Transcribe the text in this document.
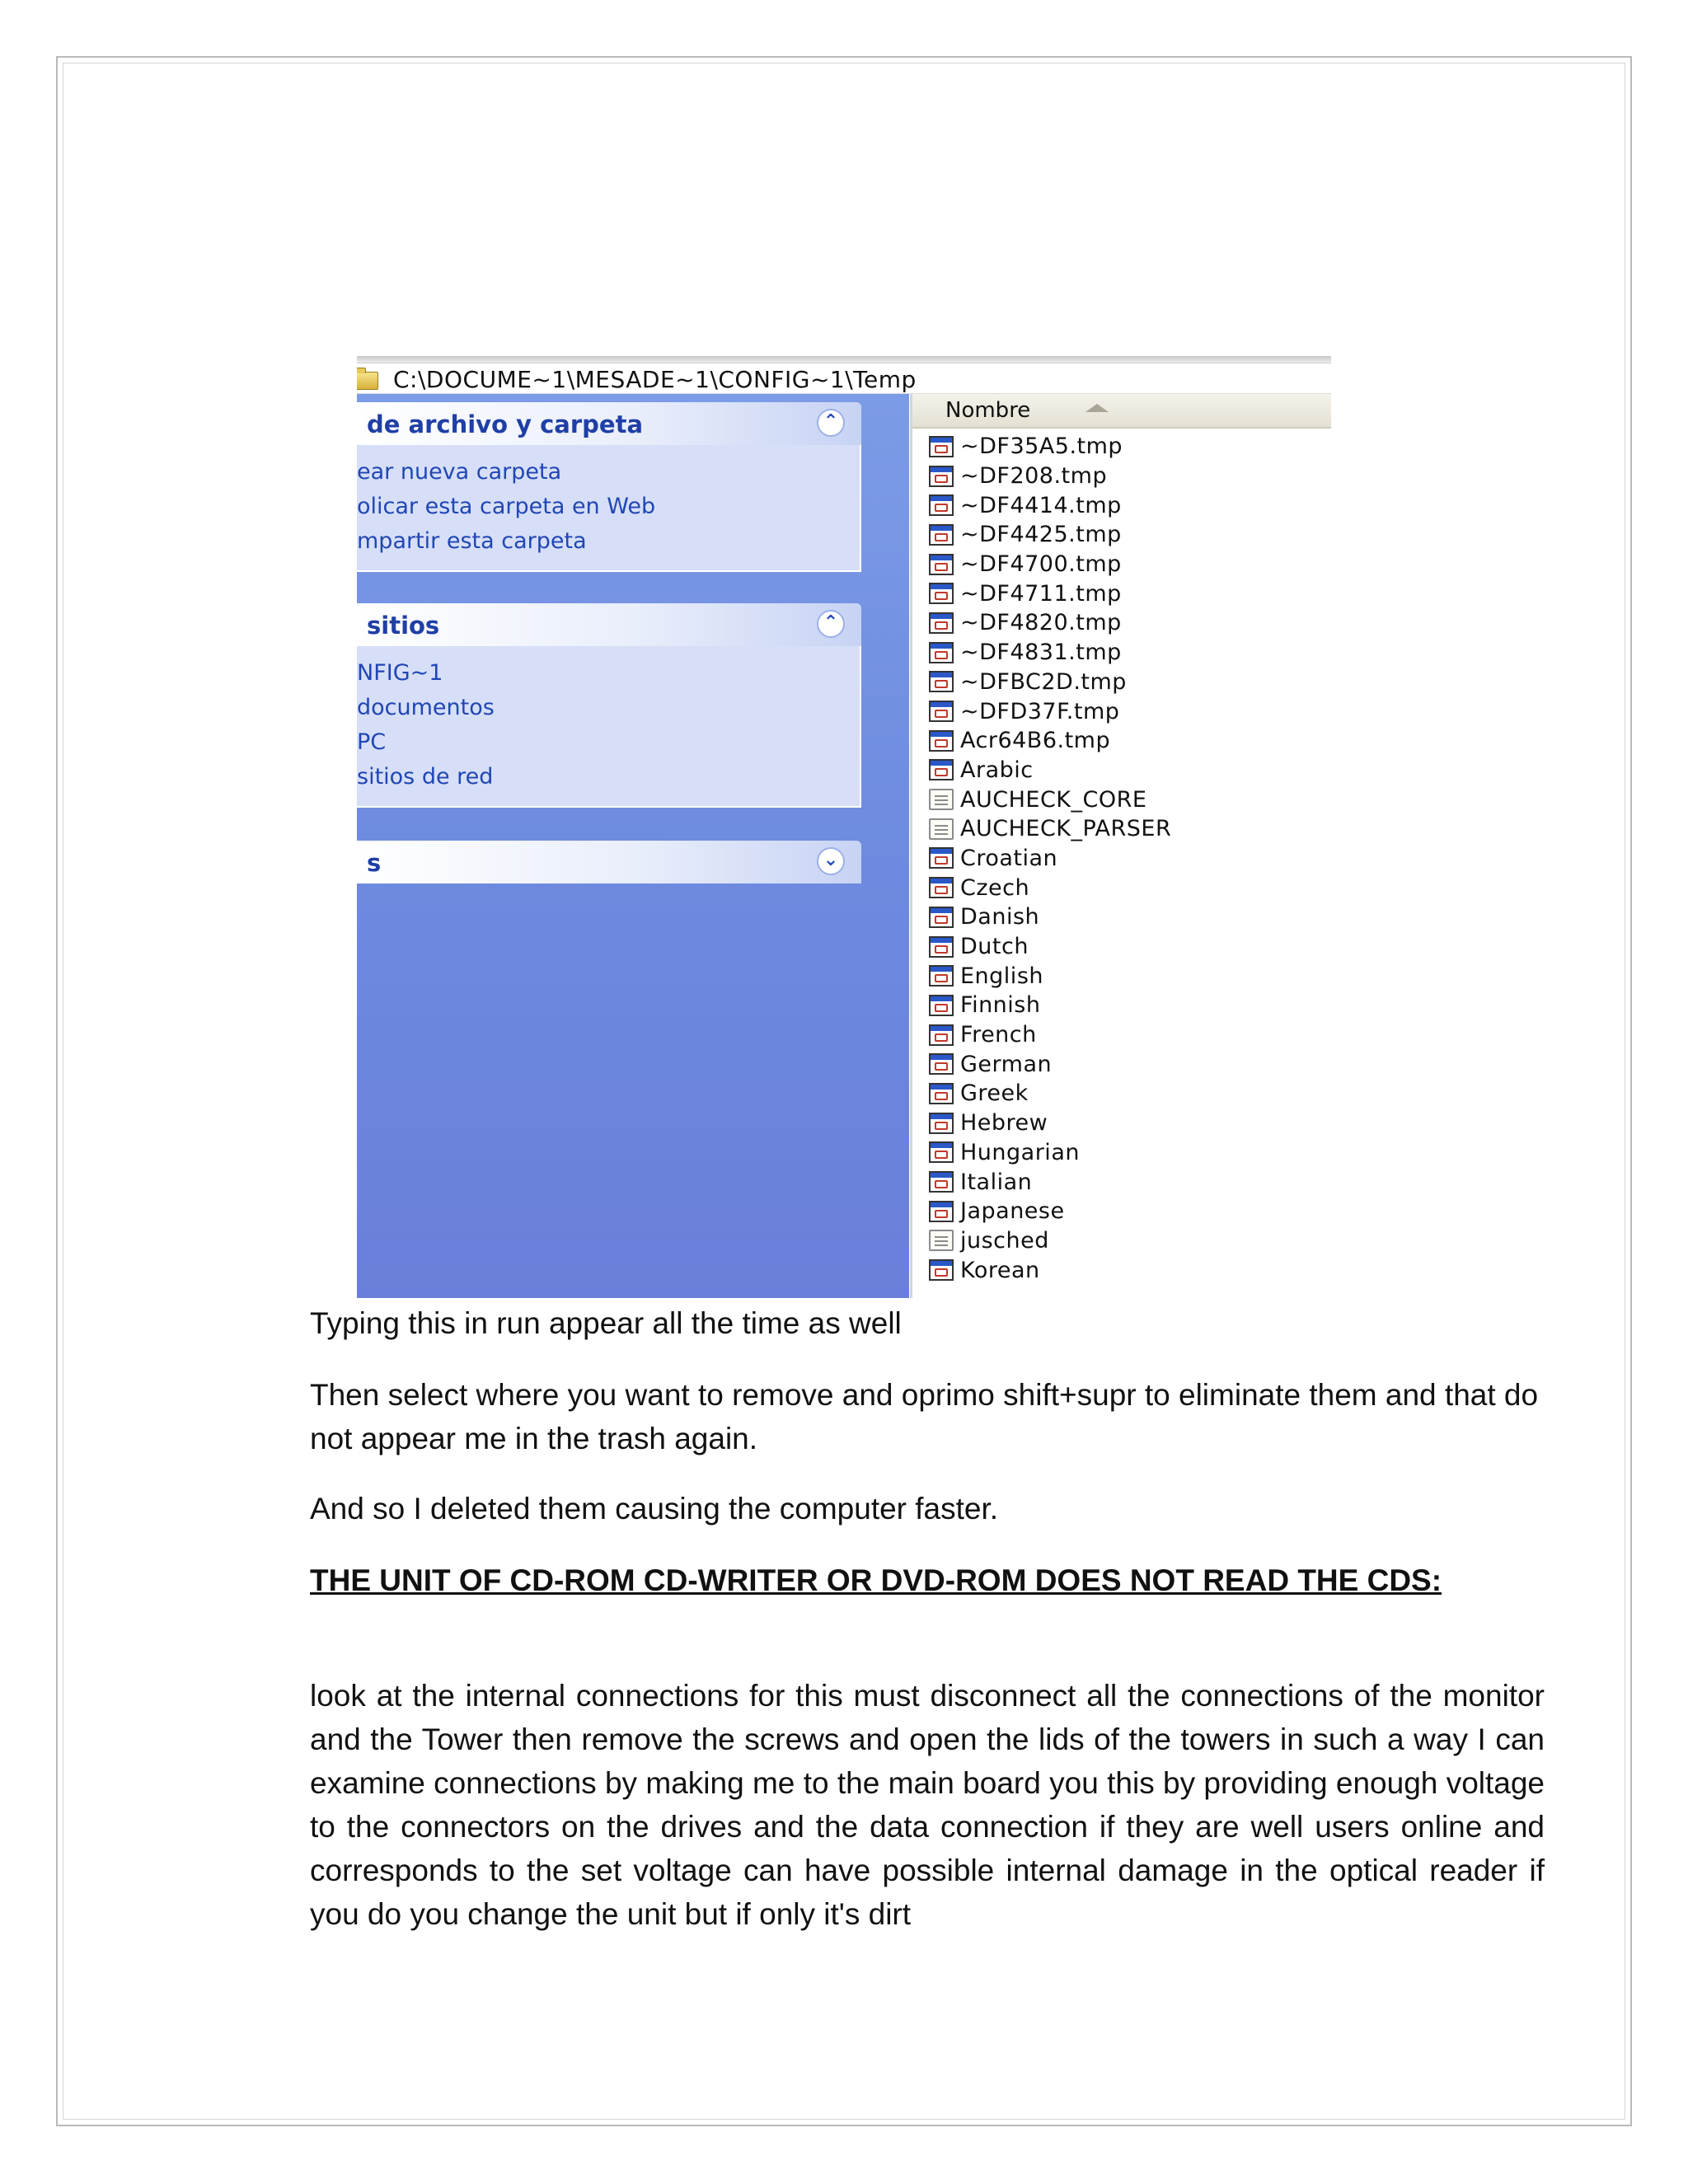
C:\DOCUME~1\MESADE~1\CONFIG~1\Temp
de archivo y carpeta	⌃
ear nueva carpeta
olicar esta carpeta en Web
mpartir esta carpeta
sitios	⌃
NFIG~1
documentos
PC
sitios de red
s	⌄
Nombre
~DF35A5.tmp
~DF208.tmp
~DF4414.tmp
~DF4425.tmp
~DF4700.tmp
~DF4711.tmp
~DF4820.tmp
~DF4831.tmp
~DFBC2D.tmp
~DFD37F.tmp
Acr64B6.tmp
Arabic
AUCHECK_CORE
AUCHECK_PARSER
Croatian
Czech
Danish
Dutch
English
Finnish
French
German
Greek
Hebrew
Hungarian
Italian
Japanese
jusched
Korean
Typing this in run appear all the time as well
Then select where you want to remove and oprimo shift+supr to eliminate them and that do not appear me in the trash again.
And so I deleted them causing the computer faster.
THE UNIT OF CD-ROM CD-WRITER OR DVD-ROM DOES NOT READ THE CDS:
look at the internal connections for this must disconnect all the connections of the monitor and the Tower then remove the screws and open the lids of the towers in such a way I can examine connections by making me to the main board you this by providing enough voltage to the connectors on the drives and the data connection if they are well users online and corresponds to the set voltage can have possible internal damage in the optical reader if you do you change the unit but if only it's dirt
